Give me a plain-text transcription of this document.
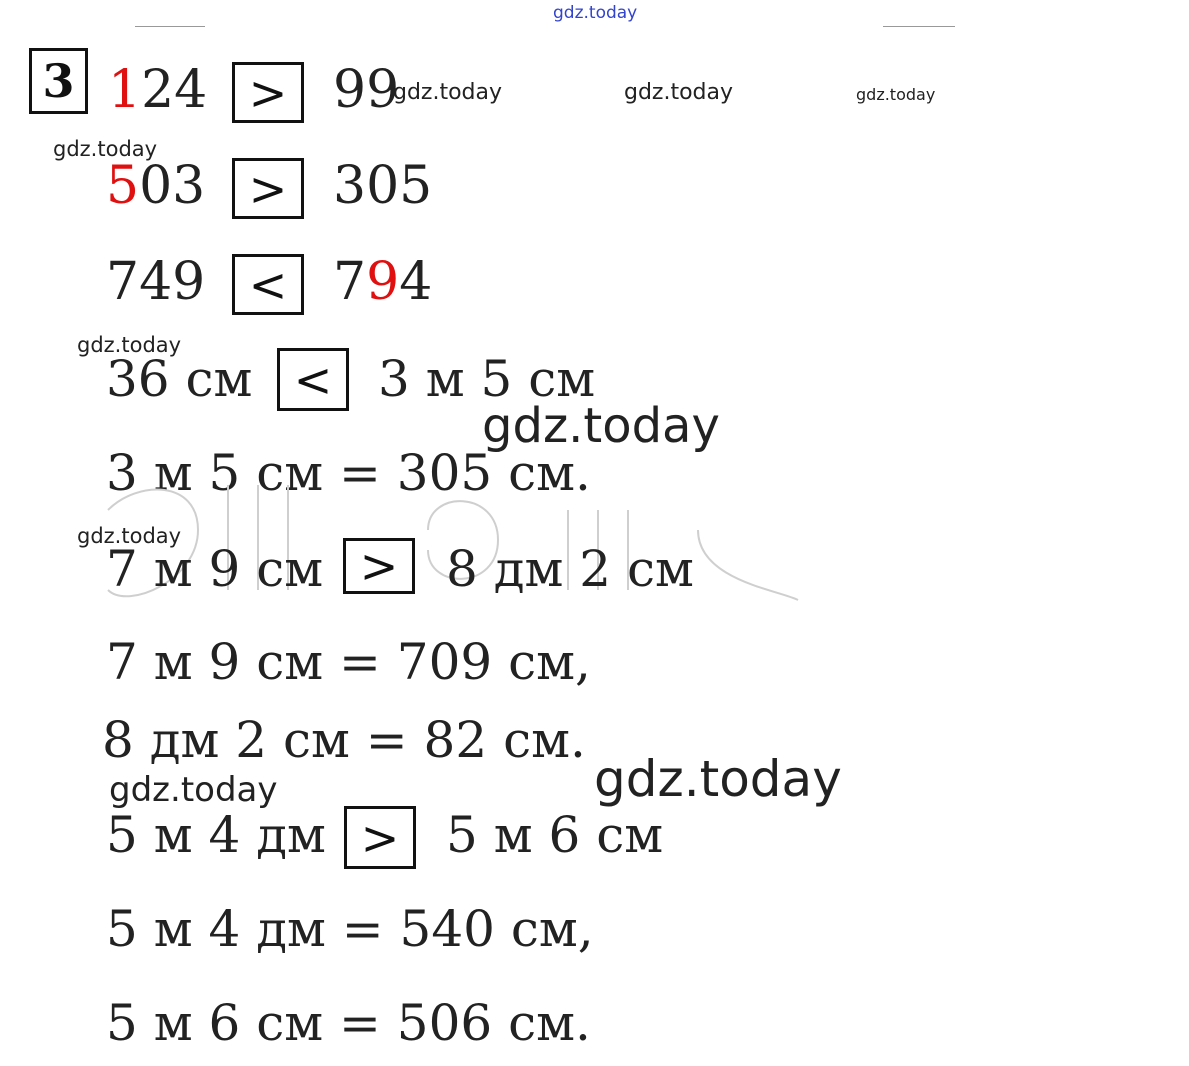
gdz.today
3 124 > 99
503 > 305
749 < 794
36 см < 3 м 5 см
3 м 5 см = 305 см.
7 м 9 см > 8 дм 2 см
7 м 9 см = 709 см,
8 дм 2 см = 82 см.
5 м 4 дм > 5 м 6 см
5 м 4 дм = 540 см,
5 м 6 см = 506 см.
gdz.today	gdz.today	gdz.today
gdz.today
gdz.today
gdz.today
gdz.today
gdz.today
gdz.today
